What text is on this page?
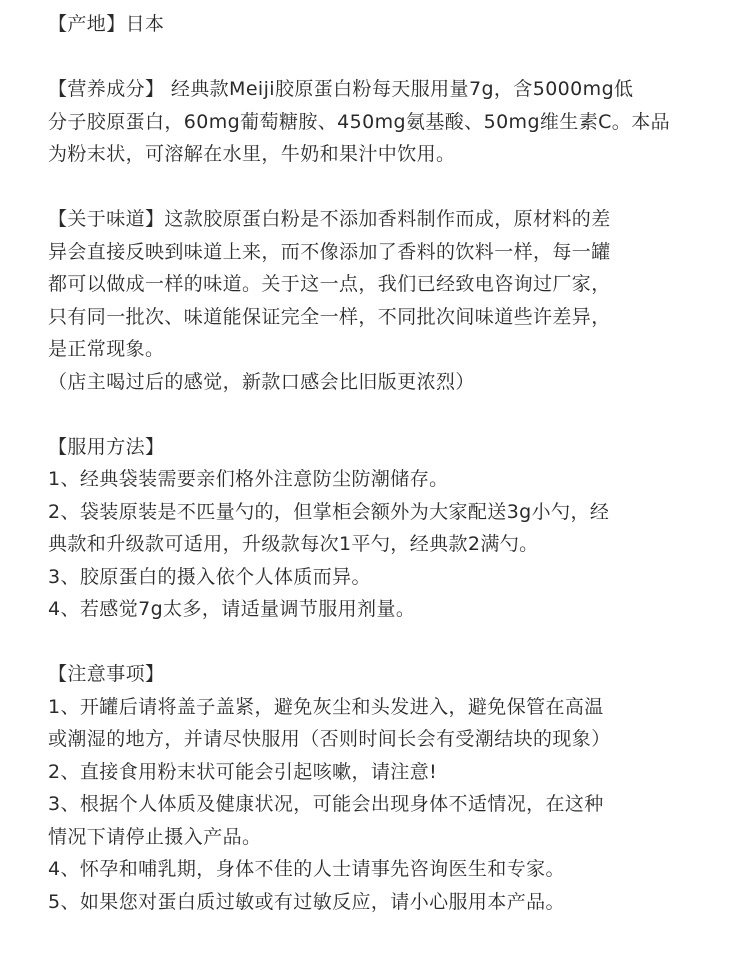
【产地】日本
【营养成分】 经典款Meiji胶原蛋白粉每天服用量7g，含5000mg低
分子胶原蛋白，60mg葡萄糖胺、450mg氨基酸、50mg维生素C。本品
为粉末状，可溶解在水里，牛奶和果汁中饮用。
【关于味道】这款胶原蛋白粉是不添加香料制作而成，原材料的差
异会直接反映到味道上来，而不像添加了香料的饮料一样，每一罐
都可以做成一样的味道。关于这一点，我们已经致电咨询过厂家，
只有同一批次、味道能保证完全一样，不同批次间味道些许差异，
是正常现象。
（店主喝过后的感觉，新款口感会比旧版更浓烈）
【服用方法】
1、经典袋装需要亲们格外注意防尘防潮储存。
2、袋装原装是不匹量勺的，但掌柜会额外为大家配送3g小勺，经
典款和升级款可适用，升级款每次1平勺，经典款2满勺。
3、胶原蛋白的摄入依个人体质而异。
4、若感觉7g太多，请适量调节服用剂量。
【注意事项】
1、开罐后请将盖子盖紧，避免灰尘和头发进入，避免保管在高温
或潮湿的地方，并请尽快服用（否则时间长会有受潮结块的现象）
2、直接食用粉末状可能会引起咳嗽，请注意!
3、根据个人体质及健康状况，可能会出现身体不适情况，在这种
情况下请停止摄入产品。
4、怀孕和哺乳期，身体不佳的人士请事先咨询医生和专家。
5、如果您对蛋白质过敏或有过敏反应，请小心服用本产品。
